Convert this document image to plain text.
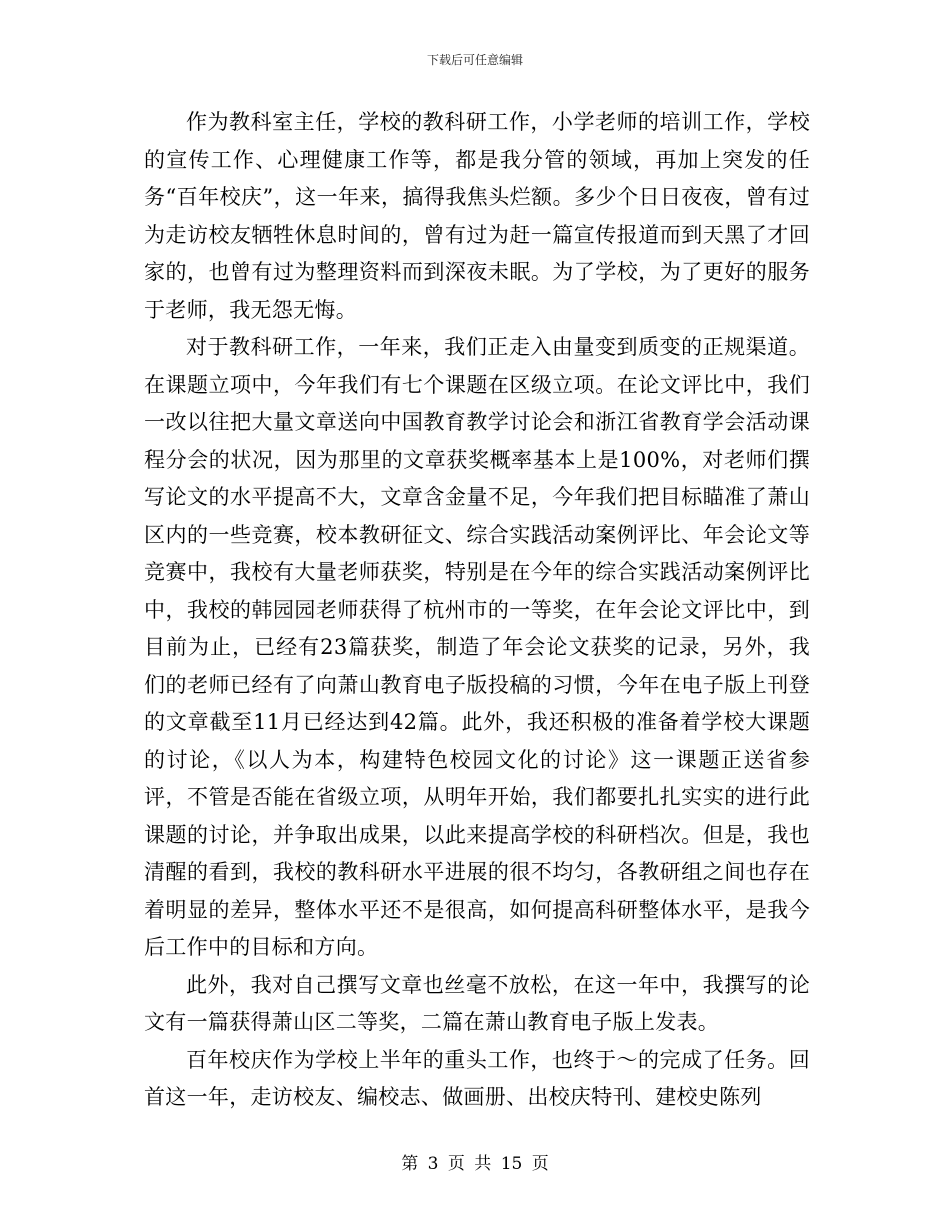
下载后可任意编辑

作为教科室主任，学校的教科研工作，小学老师的培训工作，学校的宣传工作、心理健康工作等，都是我分管的领域，再加上突发的任务“百年校庆”，这一年来，搞得我焦头烂额。多少个日日夜夜，曾有过为走访校友牺牲休息时间的，曾有过为赶一篇宣传报道而到天黑了才回家的，也曾有过为整理资料而到深夜未眠。为了学校，为了更好的服务于老师，我无怨无悔。

对于教科研工作，一年来，我们正走入由量变到质变的正规渠道。在课题立项中，今年我们有七个课题在区级立项。在论文评比中，我们一改以往把大量文章送向中国教育教学讨论会和浙江省教育学会活动课程分会的状况，因为那里的文章获奖概率基本上是100%，对老师们撰写论文的水平提高不大，文章含金量不足，今年我们把目标瞄准了萧山区内的一些竞赛，校本教研征文、综合实践活动案例评比、年会论文等竞赛中，我校有大量老师获奖，特别是在今年的综合实践活动案例评比中，我校的韩园园老师获得了杭州市的一等奖，在年会论文评比中，到目前为止，已经有23篇获奖，制造了年会论文获奖的记录，另外，我们的老师已经有了向萧山教育电子版投稿的习惯，今年在电子版上刊登的文章截至11月已经达到42篇。此外，我还积极的准备着学校大课题的讨论，《以人为本，构建特色校园文化的讨论》这一课题正送省参评，不管是否能在省级立项，从明年开始，我们都要扎扎实实的进行此课题的讨论，并争取出成果，以此来提高学校的科研档次。但是，我也清醒的看到，我校的教科研水平进展的很不均匀，各教研组之间也存在着明显的差异，整体水平还不是很高，如何提高科研整体水平，是我今后工作中的目标和方向。

此外，我对自己撰写文章也丝毫不放松，在这一年中，我撰写的论文有一篇获得萧山区二等奖，二篇在萧山教育电子版上发表。

百年校庆作为学校上半年的重头工作，也终于～的完成了任务。回首这一年，走访校友、编校志、做画册、出校庆特刊、建校史陈列

第 3 页 共 15 页
